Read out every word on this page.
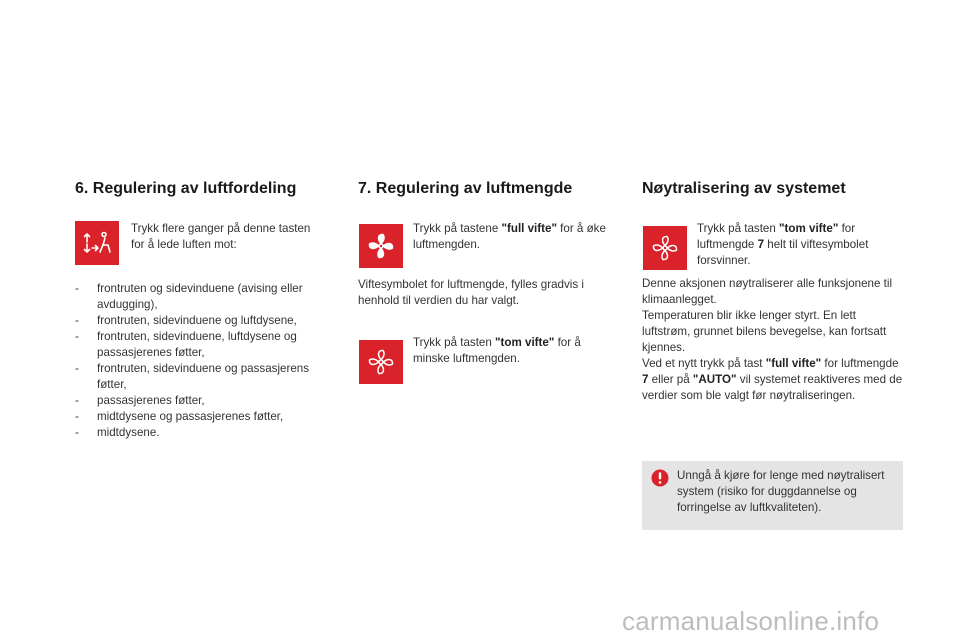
6. Regulering av luftfordeling
Trykk flere ganger på denne tasten for å lede luften mot:
- frontruten og sidevinduene (avising eller avdugging),
- frontruten, sidevinduene og luftdysene,
- frontruten, sidevinduene, luftdysene og passasjerenes føtter,
- frontruten, sidevinduene og passasjerens føtter,
- passasjerenes føtter,
- midtdysene og passasjerenes føtter,
- midtdysene.
7. Regulering av luftmengde
Trykk på tastene "full vifte" for å øke luftmengden.
Viftesymbolet for luftmengde, fylles gradvis i henhold til verdien du har valgt.
Trykk på tasten "tom vifte" for å minske luftmengden.
Nøytralisering av systemet
Trykk på tasten "tom vifte" for luftmengde 7 helt til viftesymbolet forsvinner.
Denne aksjonen nøytraliserer alle funksjonene til klimaanlegget.
Temperaturen blir ikke lenger styrt. En lett luftstrøm, grunnet bilens bevegelse, kan fortsatt kjennes.
Ved et nytt trykk på tast "full vifte" for luftmengde 7 eller på "AUTO" vil systemet reaktiveres med de verdier som ble valgt før nøytraliseringen.
Unngå å kjøre for lenge med nøytralisert system (risiko for duggdannelse og forringelse av luftkvaliteten).
carmanualsonline.info
